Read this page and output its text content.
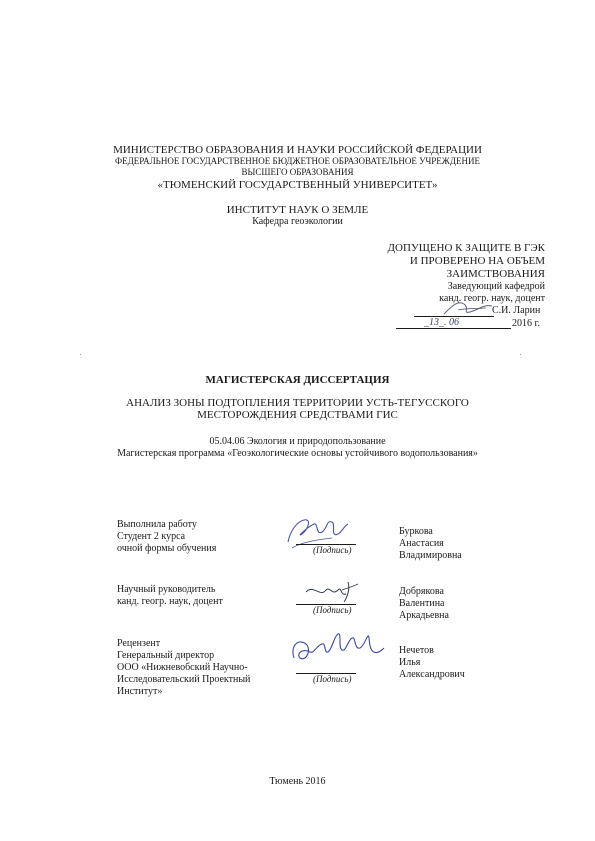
МИНИСТЕРСТВО ОБРАЗОВАНИЯ И НАУКИ РОССИЙСКОЙ ФЕДЕРАЦИИ
ФЕДЕРАЛЬНОЕ ГОСУДАРСТВЕННОЕ БЮДЖЕТНОЕ ОБРАЗОВАТЕЛЬНОЕ УЧРЕЖДЕНИЕ
ВЫСШЕГО ОБРАЗОВАНИЯ
«ТЮМЕНСКИЙ ГОСУДАРСТВЕННЫЙ УНИВЕРСИТЕТ»
ИНСТИТУТ НАУК О ЗЕМЛЕ
Кафедра геоэкологии
ДОПУЩЕНО К ЗАЩИТЕ В ГЭК
И ПРОВЕРЕНО НА ОБЪЕМ
ЗАИМСТВОВАНИЯ
Заведующий кафедрой
канд. геогр. наук, доцент
С.И. Ларин
_13_. 06	2016 г.
МАГИСТЕРСКАЯ ДИССЕРТАЦИЯ
АНАЛИЗ ЗОНЫ ПОДТОПЛЕНИЯ ТЕРРИТОРИИ УСТЬ-ТЕГУССКОГО
МЕСТОРОЖДЕНИЯ СРЕДСТВАМИ ГИС
05.04.06 Экология и природопользование
Магистерская программа «Геоэкологические основы устойчивого водопользования»
Выполнила работу
Студент 2 курса
очной формы обучения	(Подпись)
Буркова
Анастасия
Владимировна
Научный руководитель
канд. геогр. наук, доцент
(Подпись)
Добрякова
Валентина
Аркадьевна
Рецензент
Генеральный директор
ООО «Нижневобский Научно-
Исследовательский Проектный
Институт»
(Подпись)
Нечетов
Илья
Александрович
Тюмень 2016
